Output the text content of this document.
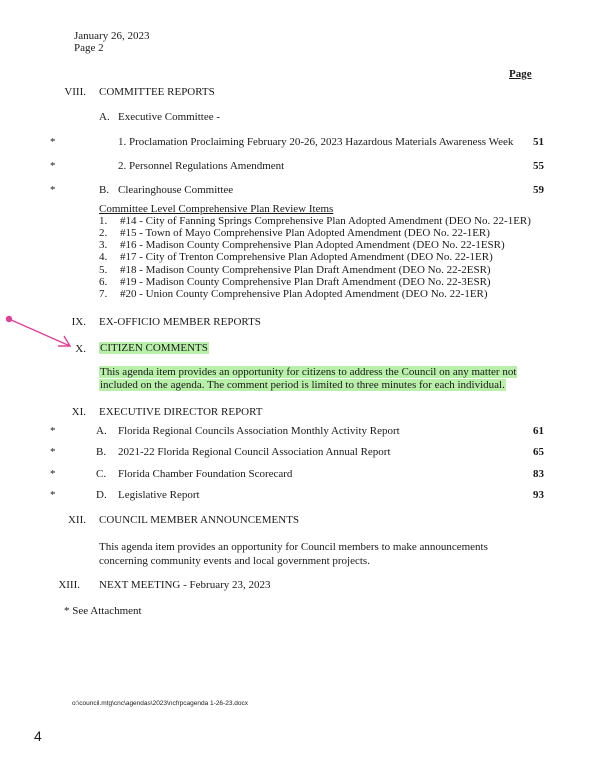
January 26, 2023
Page 2
Page
VIII. COMMITTEE REPORTS
A. Executive Committee -
*	1. Proclamation Proclaiming February 20-26, 2023 Hazardous Materials Awareness Week 51
*	2. Personnel Regulations Amendment	55
*	B. Clearinghouse Committee	59
Committee Level Comprehensive Plan Review Items
1.	#14 - City of Fanning Springs Comprehensive Plan Adopted Amendment (DEO No. 22-1ER)
2.	#15 - Town of Mayo Comprehensive Plan Adopted Amendment (DEO No. 22-1ER)
3.	#16 - Madison County Comprehensive Plan Adopted Amendment (DEO No. 22-1ESR)
4.	#17 - City of Trenton Comprehensive Plan Adopted Amendment (DEO No. 22-1ER)
5.	#18 - Madison County Comprehensive Plan Draft Amendment (DEO No. 22-2ESR)
6.	#19 - Madison County Comprehensive Plan Draft Amendment (DEO No. 22-3ESR)
7.	#20 - Union County Comprehensive Plan Adopted Amendment (DEO No. 22-1ER)
IX. EX-OFFICIO MEMBER REPORTS
X. CITIZEN COMMENTS
This agenda item provides an opportunity for citizens to address the Council on any matter not
included on the agenda. The comment period is limited to three minutes for each individual.
XI. EXECUTIVE DIRECTOR REPORT
*	A. Florida Regional Councils Association Monthly Activity Report	61
*	B. 2021-22 Florida Regional Council Association Annual Report	65
*	C. Florida Chamber Foundation Scorecard	83
*	D. Legislative Report	93
XII. COUNCIL MEMBER ANNOUNCEMENTS
This agenda item provides an opportunity for Council members to make announcements concerning community events and local government projects.
XIII. NEXT MEETING - February 23, 2023
* See Attachment
o:\council.mtg\cnc\agendas\2023\ncfrpcagenda 1-26-23.docx
4
